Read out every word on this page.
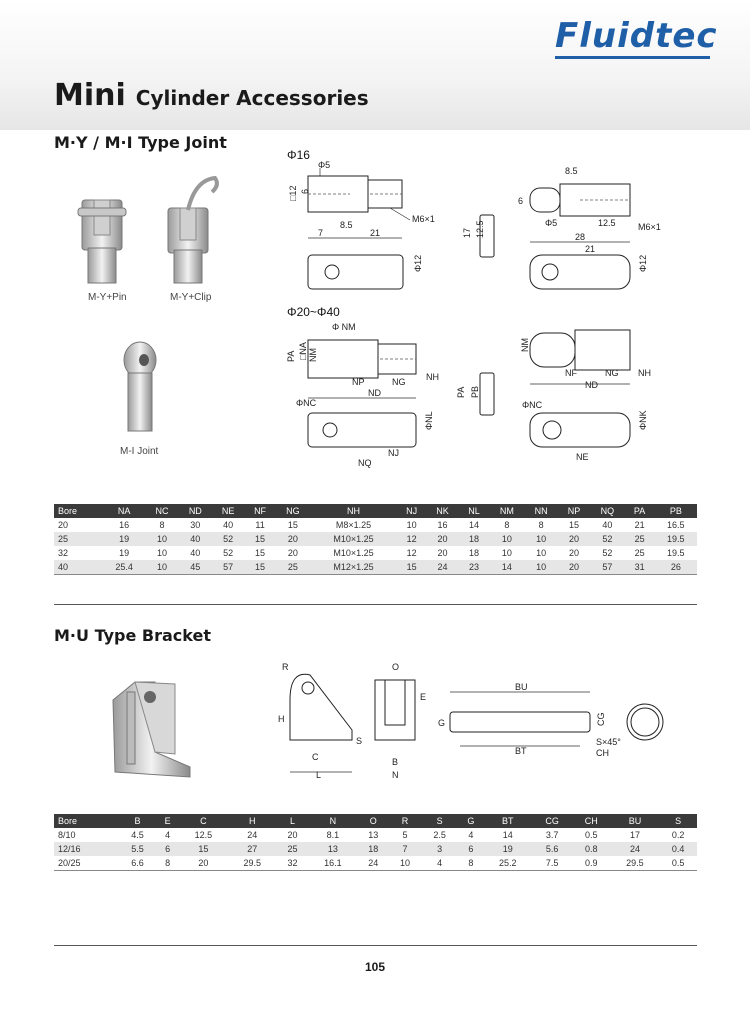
Fluidtec
Mini Cylinder Accessories
M·Y / M·I Type Joint
M-Y+Pin	M-Y+Clip
M-I Joint
Φ16
Φ20~Φ40
Φ5
□12 6
M6×1
7
8.5
21
Φ12
17 12.5
8.5
6
Φ5	12.5 M6×1
28
21
Φ12
Φ NM
PA □NA NM
NP	NG NH
ND
ΦNC
ΦNL
NJ
NQ
PA PB
NM
NF	NG NH
ND
ΦNC
ΦNK
NE
Bore	NA	NC	ND	NE	NF	NG	NH	NJ	NK	NL	NM	NN	NP	NQ	PA	PB
20	16	8	30	40	11	15	M8×1.25	10	16	14	8	8	15	40	21	16.5
25	19	10	40	52	15	20	M10×1.25	12	20	18	10	10	20	52	25	19.5
32	19	10	40	52	15	20	M10×1.25	12	20	18	10	10	20	52	25	19.5
40	25.4	10	45	57	15	25	M12×1.25	15	24	23	14	10	20	57	31	26
M·U Type Bracket
R
H
S
C
L
O
E
B
N
BU
G	CG
S×45°
CH
BT
Bore	B	E	C	H	L	N	O	R	S	G	BT	CG	CH	BU	S
8/10	4.5	4	12.5	24	20	8.1	13	5	2.5	4	14	3.7	0.5	17	0.2
12/16	5.5	6	15	27	25	13	18	7	3	6	19	5.6	0.8	24	0.4
20/25	6.6	8	20	29.5	32	16.1	24	10	4	8	25.2	7.5	0.9	29.5	0.5
105
